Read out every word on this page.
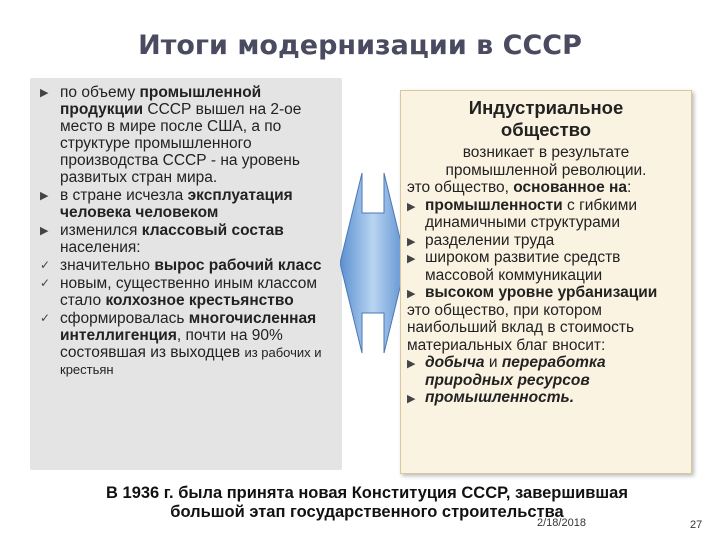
Итоги модернизации в СССР
▶ по объему промышленной продукции СССР вышел на 2-ое место в мире после США, а по структуре промышленного производства СССР - на уровень развитых стран мира.
▶ в стране исчезла эксплуатация человека человеком
▶ изменился классовый состав населения:
✓ значительно вырос рабочий класс
✓ новым, существенно иным классом стало колхозное крестьянство
✓ сформировалась многочисленная интеллигенция, почти на 90% состоявшая из выходцев из рабочих и крестьян
Индустриальное
общество
возникает в результате
промышленной революции.
это общество, основанное на:
▶ промышленности с гибкими динамичными структурами
▶ разделении труда
▶ широком развитие средств массовой коммуникации
▶ высоком уровне урбанизации
это общество, при котором наибольший вклад в стоимость материальных благ вносит:
▶ добыча и переработка природных ресурсов
▶ промышленность.
В 1936 г. была принята новая Конституция СССР, завершившая
большой этап государственного строительства
2/18/2018	27
